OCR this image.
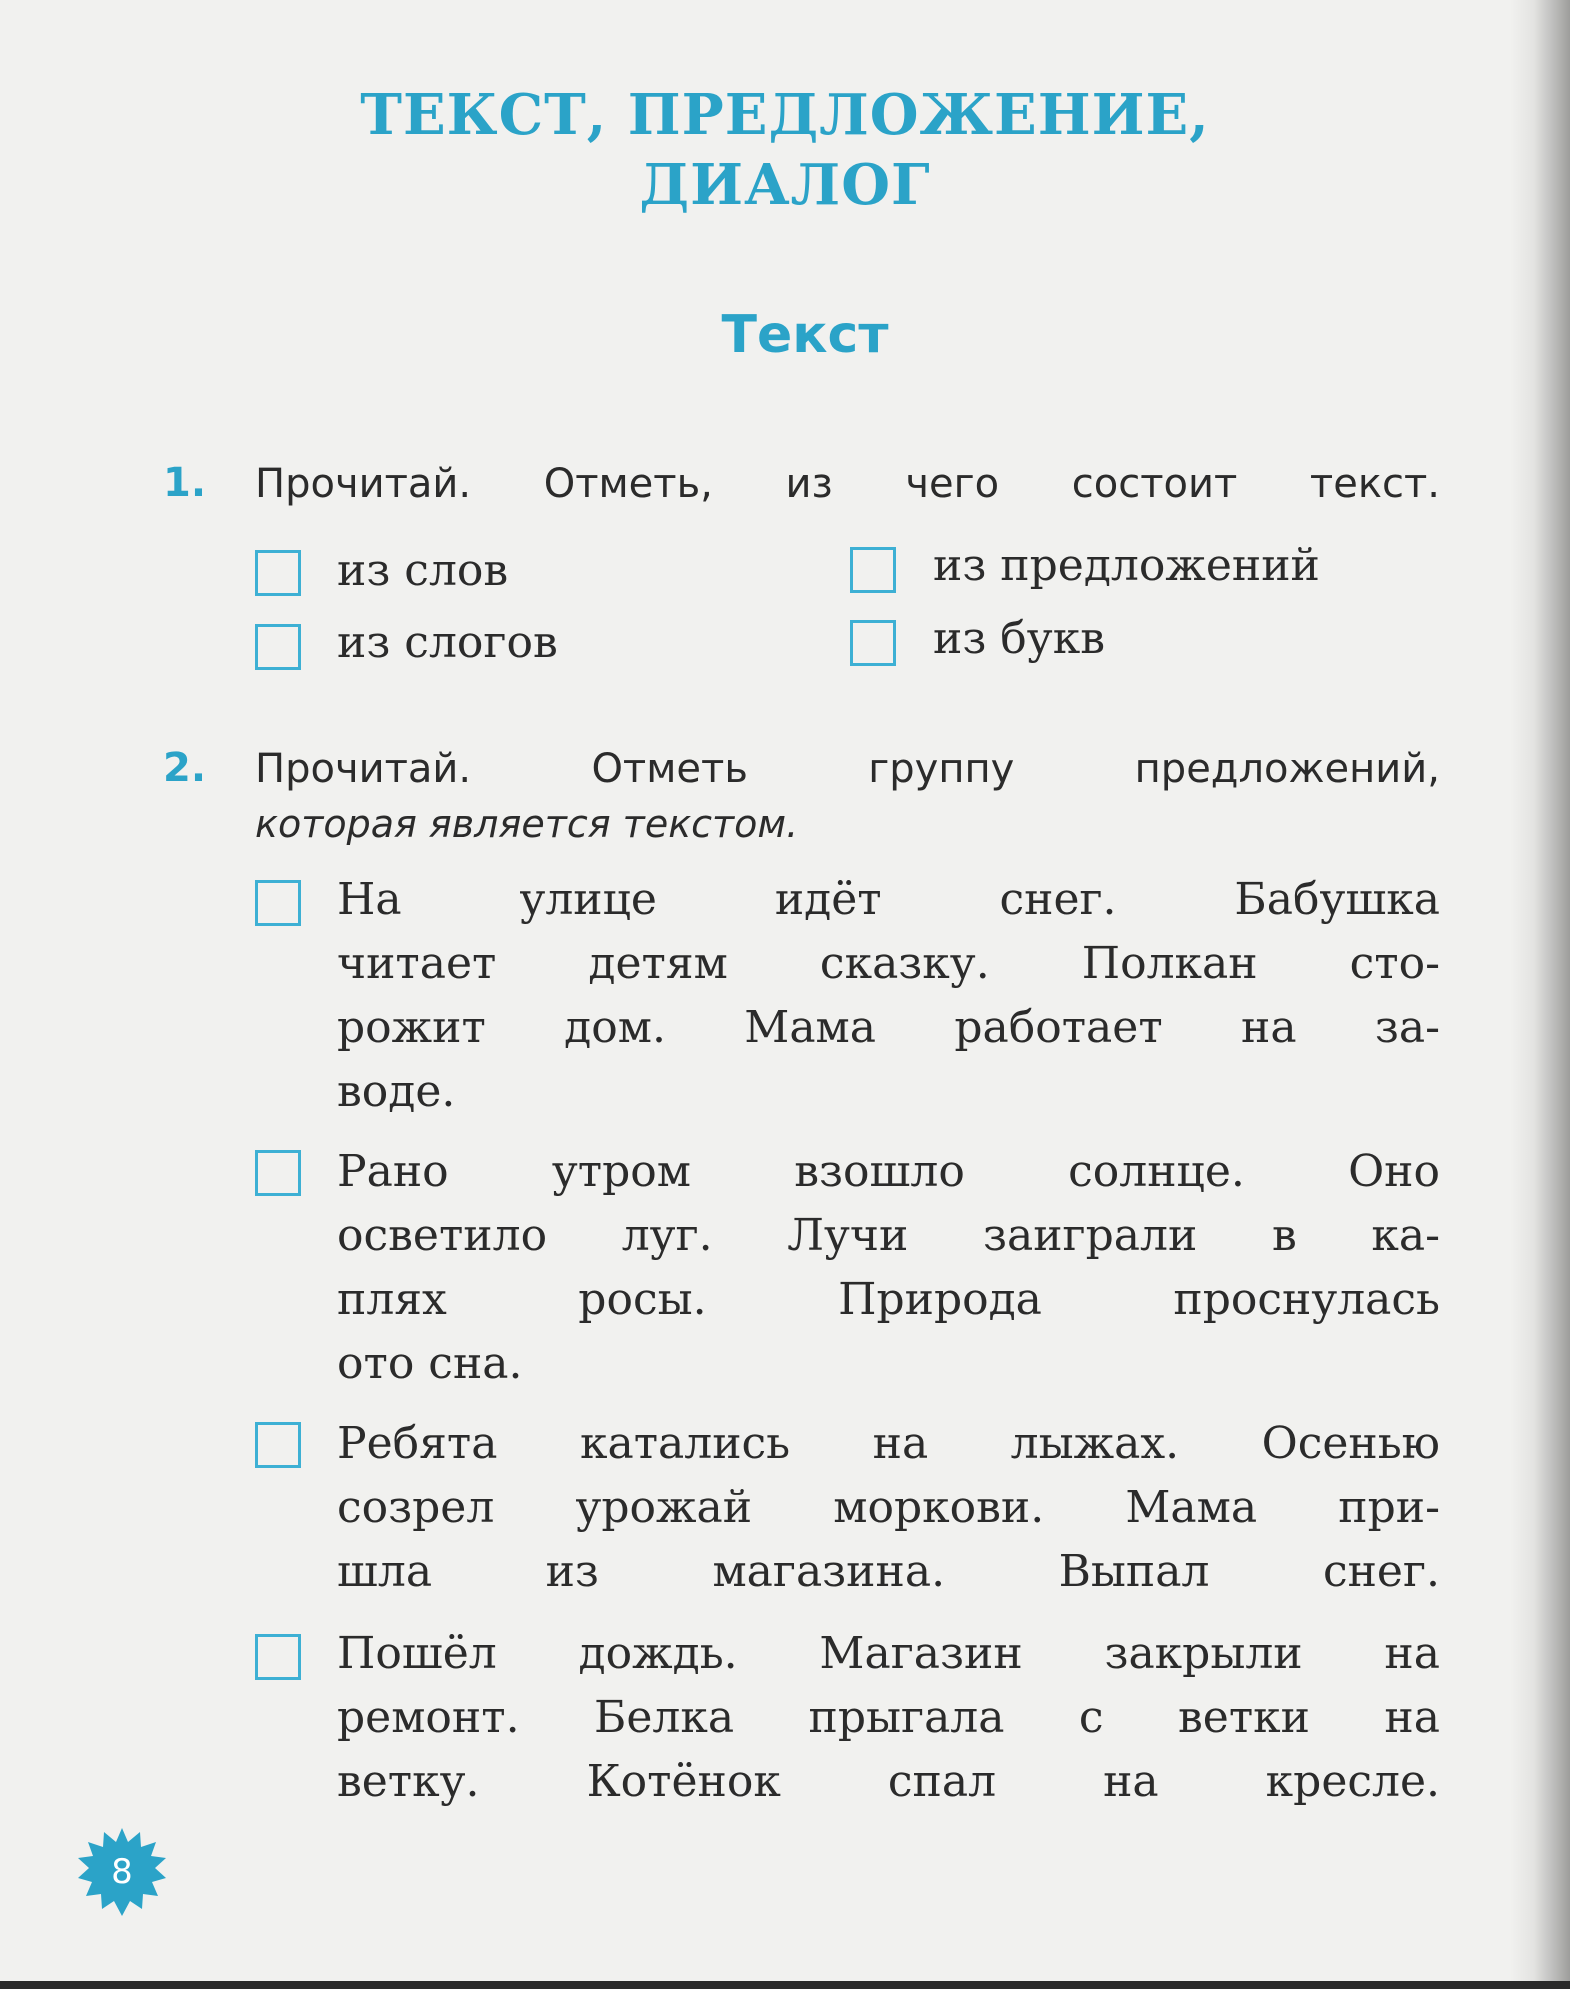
ТЕКСТ, ПРЕДЛОЖЕНИЕ,
ДИАЛОГ
Текст
1. Прочитай. Отметь, из чего состоит текст.
из слов	из предложений
из слогов	из букв
2. Прочитай. Отметь группу предложений,
которая является текстом.
На улице идёт снег. Бабушка
читает детям сказку. Полкан сто-
рожит дом. Мама работает на за-
воде.
Рано утром взошло солнце. Оно
осветило луг. Лучи заиграли в ка-
плях росы. Природа проснулась
ото сна.
Ребята катались на лыжах. Осенью
созрел урожай моркови. Мама при-
шла из магазина. Выпал снег.
Пошёл дождь. Магазин закрыли на
ремонт. Белка прыгала с ветки на
ветку. Котёнок спал на кресле.
8
